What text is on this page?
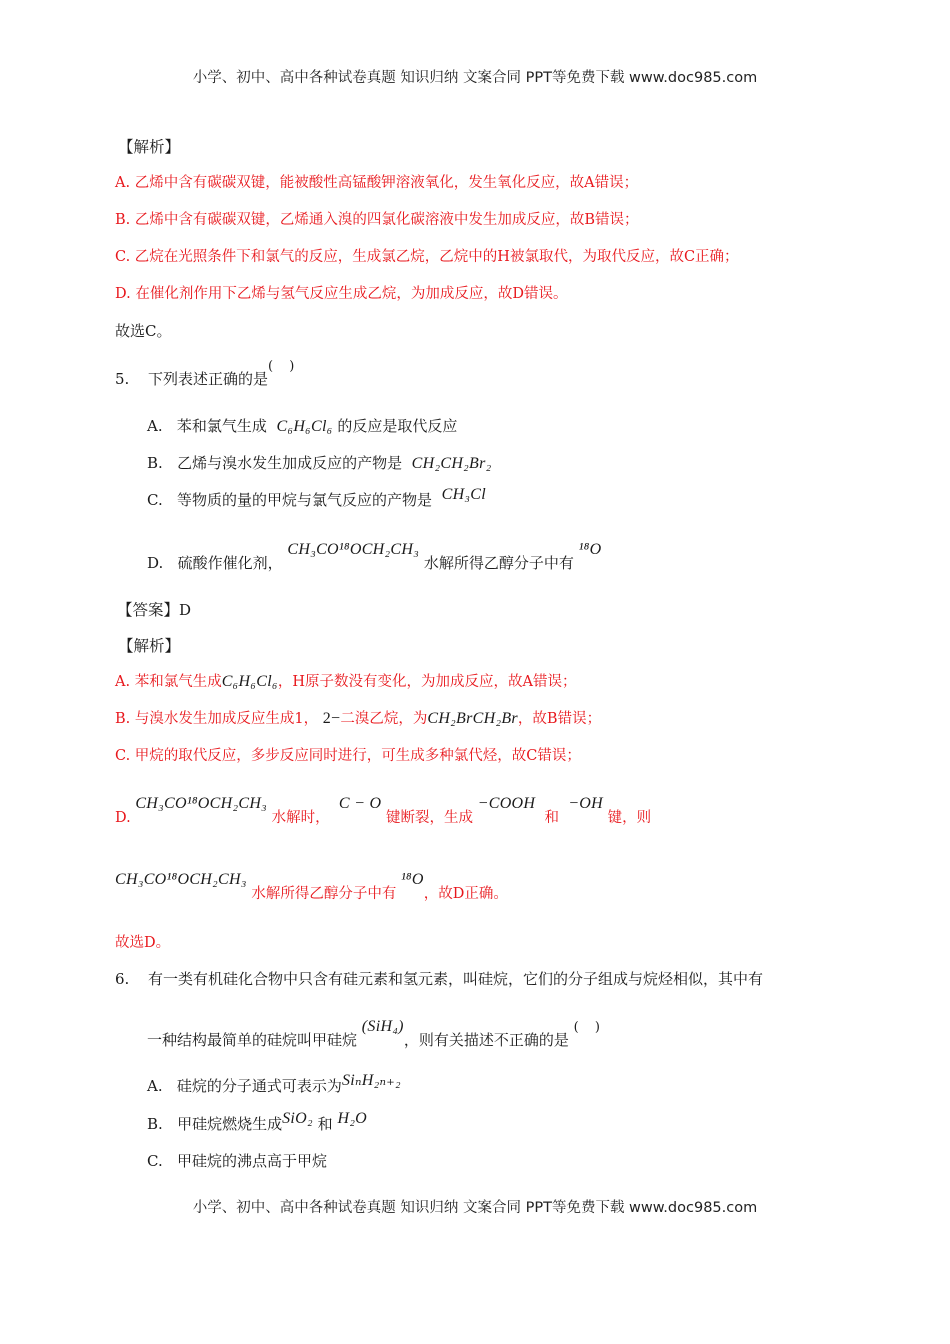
小学、初中、高中各种试卷真题 知识归纳 文案合同 PPT等免费下载 www.doc985.com
【解析】
A. 乙烯中含有碳碳双键，能被酸性高锰酸钾溶液氧化，发生氧化反应，故A错误；
B. 乙烯中含有碳碳双键，乙烯通入溴的四氯化碳溶液中发生加成反应，故B错误；
C. 乙烷在光照条件下和氯气的反应，生成氯乙烷，乙烷中的H被氯取代，为取代反应，故C正确；
D. 在催化剂作用下乙烯与氢气反应生成乙烷，为加成反应，故D错误。
故选C。
5. 下列表述正确的是( )
A. 苯和氯气生成 C₆H₆Cl₆ 的反应是取代反应
B. 乙烯与溴水发生加成反应的产物是 CH₂CH₂Br₂
C. 等物质的量的甲烷与氯气反应的产物是 CH₃Cl
D. 硫酸作催化剂， CH₃CO¹⁸OCH₂CH₃ 水解所得乙醇分子中有 ¹⁸O
【答案】D
【解析】
A. 苯和氯气生成C₆H₆Cl₆，H原子数没有变化，为加成反应，故A错误；
B. 与溴水发生加成反应生成1， 2−二溴乙烷，为CH₂BrCH₂Br，故B错误；
C. 甲烷的取代反应，多步反应同时进行，可生成多种氯代烃，故C错误；
D. CH₃CO¹⁸OCH₂CH₃ 水解时，  C − O 键断裂，生成 −COOH  和  −OH 键，则
CH₃CO¹⁸OCH₂CH₃ 水解所得乙醇分子中有 ¹⁸O，故D正确。
故选D。
6. 有一类有机硅化合物中只含有硅元素和氢元素，叫硅烷，它们的分子组成与烷烃相似，其中有
一种结构最简单的硅烷叫甲硅烷 (SiH₄)，则有关描述不正确的是 ( )
A. 硅烷的分子通式可表示为SiₙH₂ₙ₊₂
B. 甲硅烷燃烧生成SiO₂ 和 H₂O
C. 甲硅烷的沸点高于甲烷
小学、初中、高中各种试卷真题 知识归纳 文案合同 PPT等免费下载 www.doc985.com
